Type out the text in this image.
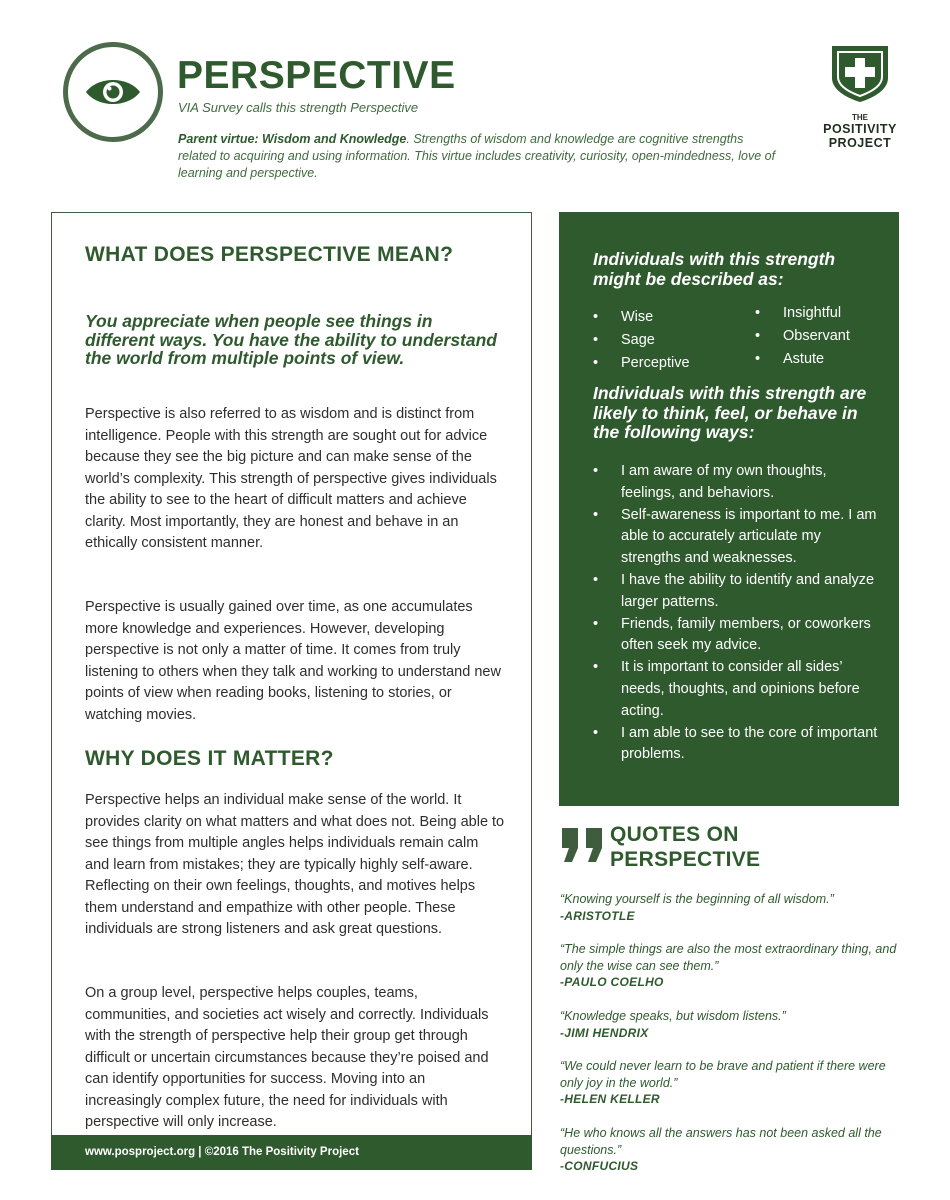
PERSPECTIVE
VIA Survey calls this strength Perspective
Parent virtue: Wisdom and Knowledge. Strengths of wisdom and knowledge are cognitive strengths related to acquiring and using information. This virtue includes creativity, curiosity, open-mindedness, love of learning and perspective.
THE
POSITIVITY
PROJECT
WHAT DOES PERSPECTIVE MEAN?
You appreciate when people see things in different ways. You have the ability to understand the world from multiple points of view.

Perspective is also referred to as wisdom and is distinct from intelligence. People with this strength are sought out for advice because they see the big picture and can make sense of the world’s complexity. This strength of perspective gives individuals the ability to see to the heart of difficult matters and achieve clarity. Most importantly, they are honest and behave in an ethically consistent manner.

Perspective is usually gained over time, as one accumulates more knowledge and experiences. However, developing perspective is not only a matter of time. It comes from truly listening to others when they talk and working to understand new points of view when reading books, listening to stories, or watching movies.

WHY DOES IT MATTER?

Perspective helps an individual make sense of the world. It provides clarity on what matters and what does not. Being able to see things from multiple angles helps individuals remain calm and learn from mistakes; they are typically highly self-aware. Reflecting on their own feelings, thoughts, and motives helps them understand and empathize with other people. These individuals are strong listeners and ask great questions.

On a group level, perspective helps couples, teams, communities, and societies act wisely and correctly. Individuals with the strength of perspective help their group get through difficult or uncertain circumstances because they’re poised and can identify opportunities for success. Moving into an increasingly complex future, the need for individuals with perspective will only increase.

www.posproject.org | ©2016 The Positivity Project
Individuals with this strength might be described as:
• Wise
• Sage
• Perceptive
• Insightful
• Observant
• Astute
Individuals with this strength are likely to think, feel, or behave in the following ways:
• I am aware of my own thoughts, feelings, and behaviors.
• Self-awareness is important to me. I am able to accurately articulate my strengths and weaknesses.
• I have the ability to identify and analyze larger patterns.
• Friends, family members, or coworkers often seek my advice.
• It is important to consider all sides’ needs, thoughts, and opinions before acting.
• I am able to see to the core of important problems.
QUOTES ON
PERSPECTIVE
“Knowing yourself is the beginning of all wisdom.”
-ARISTOTLE
“The simple things are also the most extraordinary thing, and only the wise can see them.”
-PAULO COELHO
“Knowledge speaks, but wisdom listens.”
-JIMI HENDRIX
“We could never learn to be brave and patient if there were only joy in the world.”
-HELEN KELLER
“He who knows all the answers has not been asked all the questions.”
-CONFUCIUS
